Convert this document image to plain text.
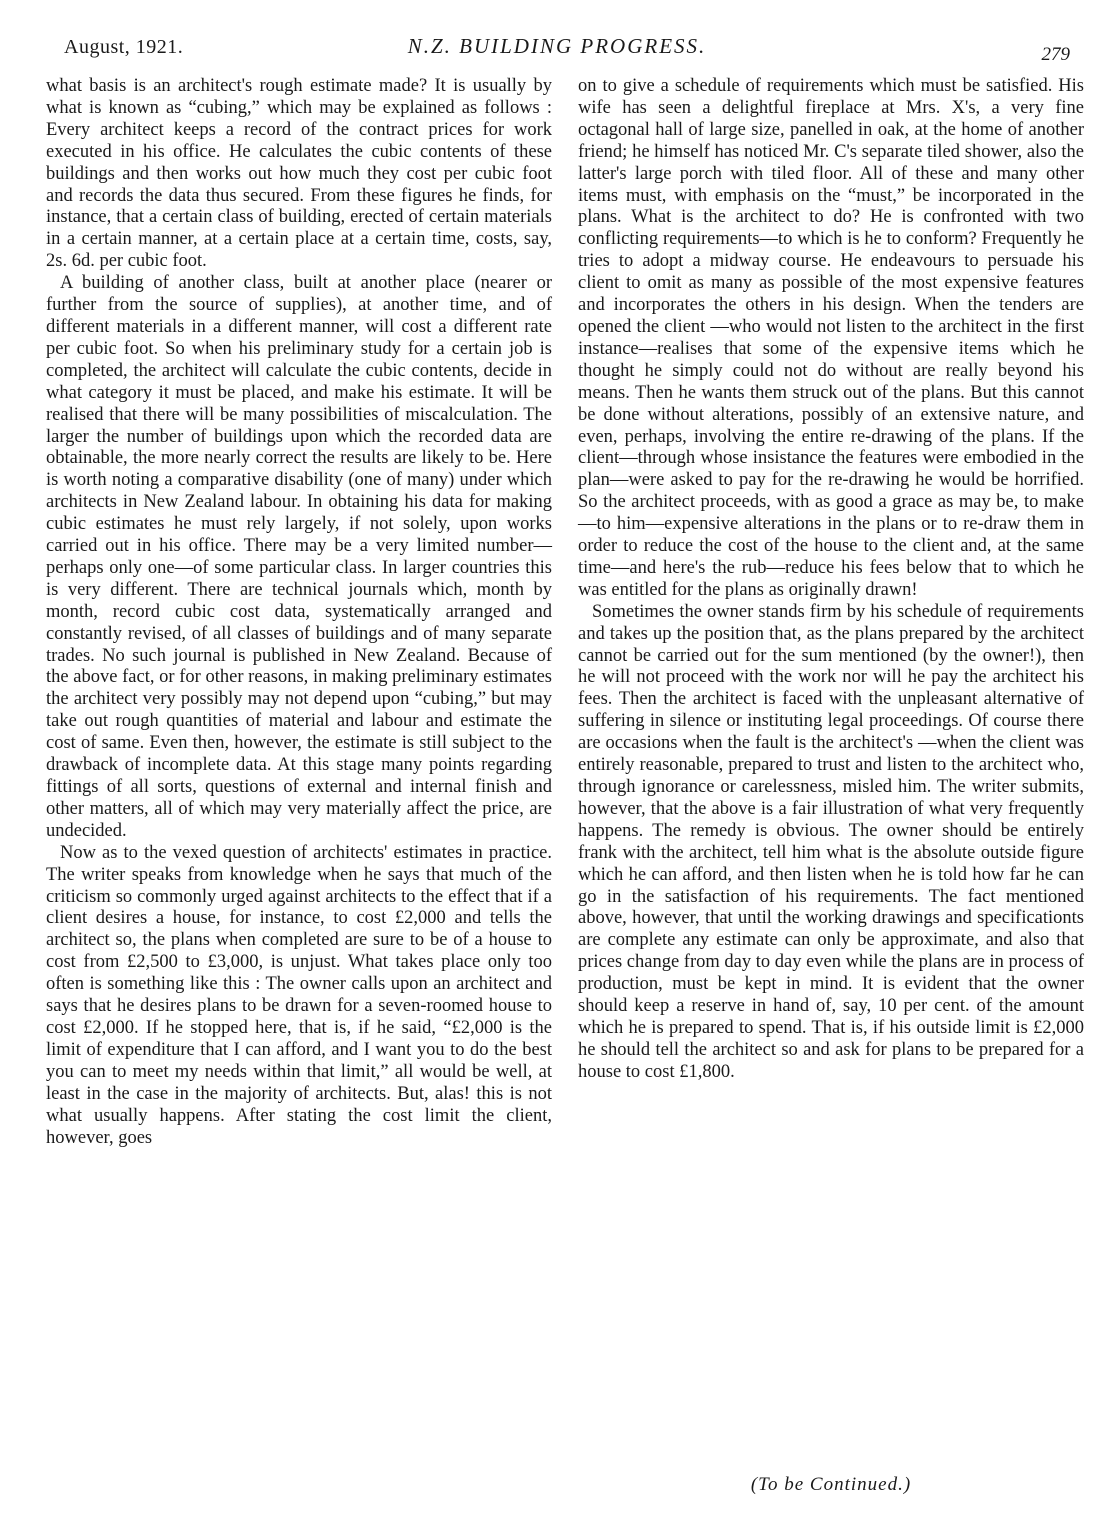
August, 1921.	N.Z. BUILDING PROGRESS.	279

what basis is an architect's rough estimate made? It is usually by what is known as “cubing,” which may be explained as follows : Every architect keeps a record of the contract prices for work executed in his office. He calculates the cubic contents of these buildings and then works out how much they cost per cubic foot and records the data thus secured. From these figures he finds, for instance, that a certain class of building, erected of certain materials in a certain manner, at a certain place at a certain time, costs, say, 2s. 6d. per cubic foot.

A building of another class, built at another place (nearer or further from the source of supplies), at another time, and of different materials in a different manner, will cost a different rate per cubic foot. So when his preliminary study for a certain job is completed, the architect will calculate the cubic contents, decide in what category it must be placed, and make his estimate. It will be realised that there will be many possibilities of miscalculation. The larger the number of buildings upon which the recorded data are obtainable, the more nearly correct the results are likely to be. Here is worth noting a comparative disability (one of many) under which architects in New Zealand labour. In obtaining his data for making cubic estimates he must rely largely, if not solely, upon works carried out in his office. There may be a very limited number—perhaps only one—of some particular class. In larger countries this is very different. There are technical journals which, month by month, record cubic cost data, systematically arranged and constantly revised, of all classes of buildings and of many separate trades. No such journal is published in New Zealand. Because of the above fact, or for other reasons, in making preliminary estimates the architect very possibly may not depend upon “cubing,” but may take out rough quantities of material and labour and estimate the cost of same. Even then, however, the estimate is still subject to the drawback of incomplete data. At this stage many points regarding fittings of all sorts, questions of external and internal finish and other matters, all of which may very materially affect the price, are undecided.

Now as to the vexed question of architects' estimates in practice. The writer speaks from knowledge when he says that much of the criticism so commonly urged against architects to the effect that if a client desires a house, for instance, to cost £2,000 and tells the architect so, the plans when completed are sure to be of a house to cost from £2,500 to £3,000, is unjust. What takes place only too often is something like this : The owner calls upon an architect and says that he desires plans to be drawn for a seven-roomed house to cost £2,000. If he stopped here, that is, if he said, “£2,000 is the limit of expenditure that I can afford, and I want you to do the best you can to meet my needs within that limit,” all would be well, at least in the case in the majority of architects. But, alas! this is not what usually happens. After stating the cost limit the client, however, goes

on to give a schedule of requirements which must be satisfied. His wife has seen a delightful fireplace at Mrs. X's, a very fine octagonal hall of large size, panelled in oak, at the home of another friend; he himself has noticed Mr. C's separate tiled shower, also the latter's large porch with tiled floor. All of these and many other items must, with emphasis on the “must,” be incorporated in the plans. What is the architect to do? He is confronted with two conflicting requirements—to which is he to conform? Frequently he tries to adopt a midway course. He endeavours to persuade his client to omit as many as possible of the most expensive features and incorporates the others in his design. When the tenders are opened the client —who would not listen to the architect in the first instance—realises that some of the expensive items which he thought he simply could not do without are really beyond his means. Then he wants them struck out of the plans. But this cannot be done without alterations, possibly of an extensive nature, and even, perhaps, involving the entire re-drawing of the plans. If the client—through whose insistance the features were embodied in the plan—were asked to pay for the re-drawing he would be horrified. So the architect proceeds, with as good a grace as may be, to make—to him—expensive alterations in the plans or to re-draw them in order to reduce the cost of the house to the client and, at the same time—and here's the rub—reduce his fees below that to which he was entitled for the plans as originally drawn!

Sometimes the owner stands firm by his schedule of requirements and takes up the position that, as the plans prepared by the architect cannot be carried out for the sum mentioned (by the owner!), then he will not proceed with the work nor will he pay the architect his fees. Then the architect is faced with the unpleasant alternative of suffering in silence or instituting legal proceedings. Of course there are occasions when the fault is the architect's —when the client was entirely reasonable, prepared to trust and listen to the architect who, through ignorance or carelessness, misled him. The writer submits, however, that the above is a fair illustration of what very frequently happens. The remedy is obvious. The owner should be entirely frank with the architect, tell him what is the absolute outside figure which he can afford, and then listen when he is told how far he can go in the satisfaction of his requirements. The fact mentioned above, however, that until the working drawings and specificationts are complete any estimate can only be approximate, and also that prices change from day to day even while the plans are in process of production, must be kept in mind. It is evident that the owner should keep a reserve in hand of, say, 10 per cent. of the amount which he is prepared to spend. That is, if his outside limit is £2,000 he should tell the architect so and ask for plans to be prepared for a house to cost £1,800.

(To be Continued.)
